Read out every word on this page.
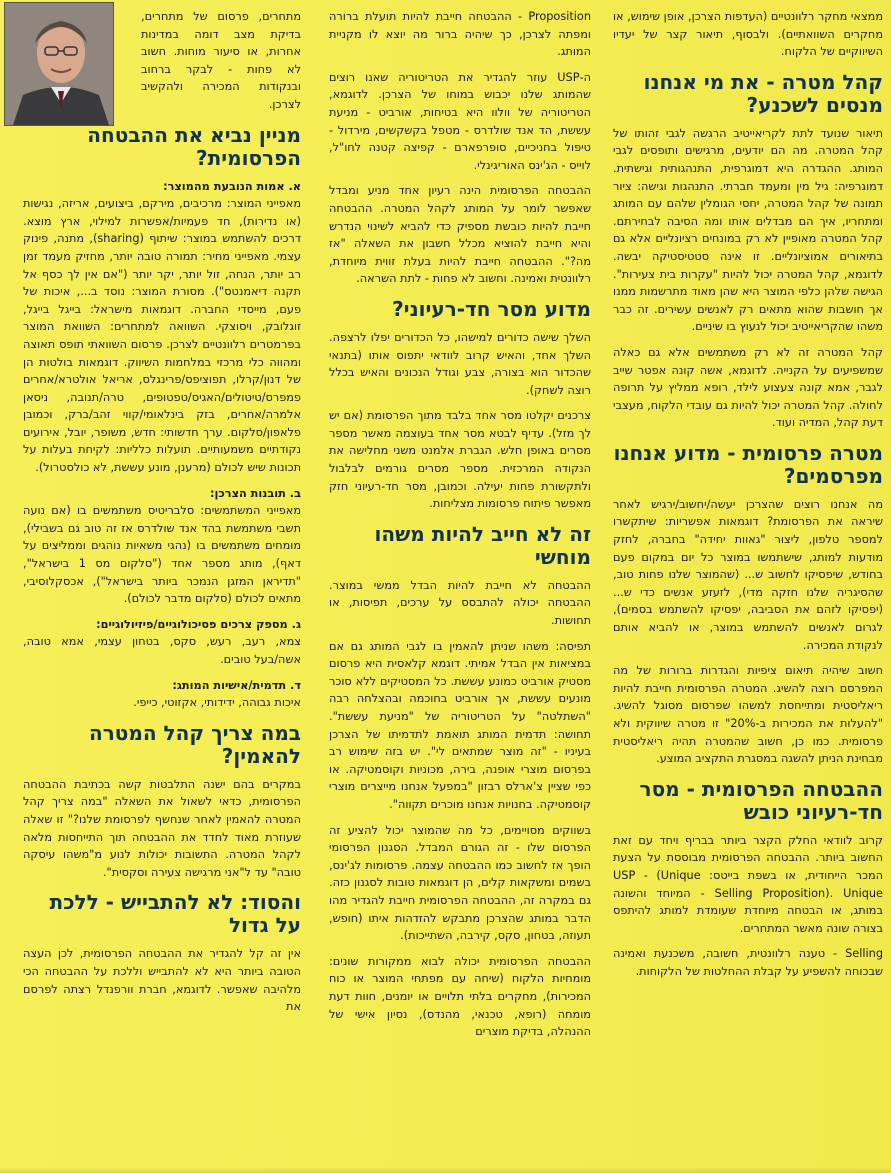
ממצאי מחקר רלוונטיים (העדפות הצרכן, אופן שימוש, או מחקרים השוואתיים). ולבסוף, תיאור קצר של יעדיו השיווקיים של הלקוח.

קהל מטרה - את מי אנחנו מנסים לשכנע?

תיאור שנועד לתת לקריאייטיב הרגשה לגבי זהותו של קהל המטרה. מה הם יודעים, מרגישים ותופסים לגבי המותג. ההגדרה היא דמוגרפית, התנהגותית וגישתית. דמוגרפיה: גיל מין ומעמד חברתי. התנהגות וגישה: ציור תמונה של קהל המטרה, יחסי הגומלין שלהם עם המותג ומתחריו, איך הם מבדלים אותו ומה הסיבה לבחירתם. קהל המטרה מאופיין לא רק במונחים רציונליים אלא גם בתיאורים אמוציונליים. זו אינה סטטיסטיקה יבשה. לדוגמא, קהל המטרה יכול להיות "עקרות בית צעירות". הגישה שלהן כלפי המוצר היא שהן מאוד מתרשמות ממנו אך חושבות שהוא מתאים רק לאנשים עשירים. זה כבר משהו שהקריאייטיב יכול לנעוץ בו שיניים.

קהל המטרה זה לא רק משתמשים אלא גם כאלה שמשפיעים על הקנייה. לדוגמא, אשה קונה אפטר שייב לגבר, אמא קונה צעצוע לילד, רופא ממליץ על תרופה לחולה. קהל המטרה יכול להיות גם עובדי הלקוח, מעצבי דעת קהל, המדיה ועוד.

מטרה פרסומית - מדוע אנחנו מפרסמים?

מה אנחנו רוצים שהצרכן יעשה/יחשוב/ירגיש לאחר שיראה את הפרסומת? דוגמאות אפשריות: שיתקשרו למספר טלפון, ליצור "גאוות יחידה" בחברה, לחזק מודעות למותג, שישתמשו במוצר כל יום במקום פעם בחודש, שיפסיקו לחשוב ש... (שהמוצר שלנו פחות טוב, שהסיגריה שלנו חזקה מדי), לזעזע אנשים כדי ש... (יפסיקו לזהם את הסביבה, יפסיקו להשתמש בסמים), לגרום לאנשים להשתמש במוצר, או להביא אותם לנקודת המכירה.

חשוב שיהיה תיאום ציפיות והגדרות ברורות של מה המפרסם רוצה להשיג. המטרה הפרסומית חייבת להיות ריאליסטית ומתייחסת למשהו שפרסום מסוגל להשיג. "להעלות את המכירות ב-20%" זו מטרה שיווקית ולא פרסומית. כמו כן, חשוב שהמטרה תהיה ריאליסטית מבחינת הניתן להשגה במסגרת התקציב המוצע.

ההבטחה הפרסומית - מסר חד-רעיוני כובש

קרוב לוודאי החלק הקצר ביותר בבריף ויחד עם זאת החשוב ביותר. ההבטחה הפרסומית מבוססת על הצעת המכר הייחודית, או בשפת בייטס: USP - (Unique Selling Proposition). Unique - המיוחד והשונה במותג, או הבטחה מיוחדת שעומדת למותג להיתפס בצורה שונה מאשר המתחרים.

Selling - טענה רלוונטית, חשובה, משכנעת ואמינה שבכוחה להשפיע על קבלת ההחלטות של הלקוחות.

Proposition - ההבטחה חייבת להיות תועלת ברורה ומפתה לצרכן, כך שיהיה ברור מה יוצא לו מקניית המותג.

ה-USP עוזר להגדיר את הטריטוריה שאנו רוצים שהמותג שלנו יכבוש במוחו של הצרכן. לדוגמא, הטריטוריה של וולוו היא בטיחות, אורביט - מניעת עששת, הד אנד שולדרס - מטפל בקשקשים, מירדול - טיפול בחניכיים, סופרפארם - קפיצה קטנה לחו"ל, לוייס - הג'ינס האוריגינלי.

ההבטחה הפרסומית הינה רעיון אחד מניע ומבדל שאפשר לומר על המותג לקהל המטרה. ההבטחה חייבת להיות כובשת מספיק כדי להביא לשינוי הנדרש והיא חייבת להוציא מכלל חשבון את השאלה "אז מה?". ההבטחה חייבת להיות בעלת זווית מיוחדת, רלוונטית ואמינה. וחשוב לא פחות - לתת השראה.

מדוע מסר חד-רעיוני?

השלך שישה כדורים למישהו, כל הכדורים יפלו לרצפה. השלך אחד, והאיש קרוב לוודאי יתפוס אותו (בתנאי שהכדור הוא בצורה, צבע וגודל הנכונים והאיש בכלל רוצה לשחק).

צרכנים יקלטו מסר אחד בלבד מתוך הפרסומת (אם יש לך מזל). עדיף לבטא מסר אחד בעוצמה מאשר מספר מסרים באופן חלש. הגברת אלמנט משני מחלישה את הנקודה המרכזית. מספר מסרים גורמים לבלבול ולתקשורת פחות יעילה. וכמובן, מסר חד-רעיוני חזק מאפשר פיתוח פרסומות מצליחות.

זה לא חייב להיות משהו מוחשי

ההבטחה לא חייבת להיות הבדל ממשי במוצר. ההבטחה יכולה להתבסס על ערכים, תפיסות, או תחושות.

תפיסה: משהו שניתן להאמין בו לגבי המותג גם אם במציאות אין הבדל אמיתי. דוגמא קלאסית היא פרסום מסטיק אורביט כמונע עששת. כל המסטיקים ללא סוכר מונעים עששת, אך אורביט בחוכמה ובהצלחה רבה "השתלטה" על הטריטוריה של "מניעת עששת". תחושה: תדמית המותג תואמת לתדמיתו של הצרכן בעיניו - "זה מוצר שמתאים לי". יש בזה שימוש רב בפרסום מוצרי אופנה, בירה, מכוניות וקוסמטיקה. או כפי שציין צ'ארלס רבזון "במפעל אנחנו מייצרים מוצרי קוסמטיקה. בחנויות אנחנו מוכרים תקווה".

בשווקים מסויימים, כל מה שהמוצר יכול להציע זה הפרסום שלו - זה הגורם המבדל. הסגנון הפרסומי הופך אז לחשוב כמו ההבטחה עצמה. פרסומות לג'ינס, בשמים ומשקאות קלים, הן דוגמאות טובות לסגנון כזה. גם במקרה זה, ההבטחה הפרסומית חייבת להגדיר מהו הדבר במותג שהצרכן מתבקש להזדהות איתו (חופש, תעוזה, בטחון, סקס, קירבה, השתייכות).

ההבטחה הפרסומית יכולה לבוא ממקורות שונים: מומחיות הלקוח (שיחה עם מפתחי המוצר או כוח המכירות), מחקרים בלתי תלויים או יומנים, חוות דעת מומחה (רופא, טכנאי, מהנדס), נסיון אישי של ההנהלה, בדיקת מוצרים

מתחרים, פרסום של מתחרים, בדיקת מצב דומה במדינות אחרות, או סיעור מוחות. חשוב לא פחות - לבקר ברחוב ובנקודות המכירה ולהקשיב לצרכן.

מניין נביא את ההבטחה הפרסומית?
א. אמות הנובעת מהמוצר:

מאפייני המוצר: מרכיבים, מירקם, ביצועים, אריזה, נגישות (או נדירות), חד פעמיות/אפשרות למילוי, ארץ מוצא. דרכים להשתמש במוצר: שיתוף (sharing), מתנה, פינוק עצמי. מאפייני מחיר: תמורה טובה יותר, מחזיק מעמד זמן רב יותר, הנחה, זול יותר, יקר יותר ("אם אין לך כסף אל תקנה דיאמנטס"). מסורת המוצר: נוסד ב..., איכות של פעם, מייסדי החברה. דוגמאות מישראל: בייגל בייגל, זוגלובק, ויסוצקי. השוואה למתחרים: השוואת המוצר בפרמטרים רלוונטיים לצרכן. פרסום השוואתי תופס תאוצה ומהווה כלי מרכזי במלחמות השיווק. דוגמאות בולטות הן של דנון/קרלו, תפוציפס/פרינגלס, אריאל אולטרא/אחרים פמפרס/טיטולים/האגיס/טפטופים, טרה/תנובה, ניסאן אלמרה/אחרים, בזק בינלאומי/קווי זהב/ברק, וכמובן פלאפון/סלקום. ערך חדשותי: חדש, משופר, יובל, אירועים נקודתיים משמעותיים. תועלות כלליות: לקיחת בעלות על תכונות שיש לכולם (מרענן, מונע עששת, לא כולסטרול).

ב. תובנות הצרכן:

מאפייני המשתמשים: סלבריטיס משתמשים בו (אם נועה תשבי משתמשת בהד אנד שולדרס אז זה טוב גם בשבילי), מומחים משתמשים בו (נהגי משאיות נוהגים וממליצים על דאף), מותג מספר אחד ("סלקום מס 1 בישראל", "תדיראן המזגן הנמכר ביותר בישראל"), אכסקלוסיבי, מתאים לכולם (סלקום מדבר לכולם).

ג. מספק צרכים פסיכולוגיים/פיזיולוגיים:

צמא, רעב, רעש, סקס, בטחון עצמי, אמא טובה, אשה/בעל טובים.

ד. תדמית/אישיות המותג:

איכות גבוהה, ידידותי, אקזוטי, כייפי.

במה צריך קהל המטרה להאמין?

במקרים בהם ישנה התלבטות קשה בכתיבת ההבטחה הפרסומית, כדאי לשאול את השאלה "במה צריך קהל המטרה להאמין לאחר שנחשף לפרסומת שלנו?" זו שאלה שעוזרת מאוד לחדד את ההבטחה תוך התייחסות מלאה לקהל המטרה. התשובות יכולות לנוע מ"משהו עיסקה טובה" עד ל"אני מרגישה צעירה וסקסית".

והסוד: לא להתבייש - ללכת על גדול

אין זה קל להגדיר את ההבטחה הפרסומית, לכן העצה הטובה ביותר היא לא להתבייש וללכת על ההבטחה הכי מלהיבה שאפשר. לדוגמא, חברת וורפנדל רצתה לפרסם את
